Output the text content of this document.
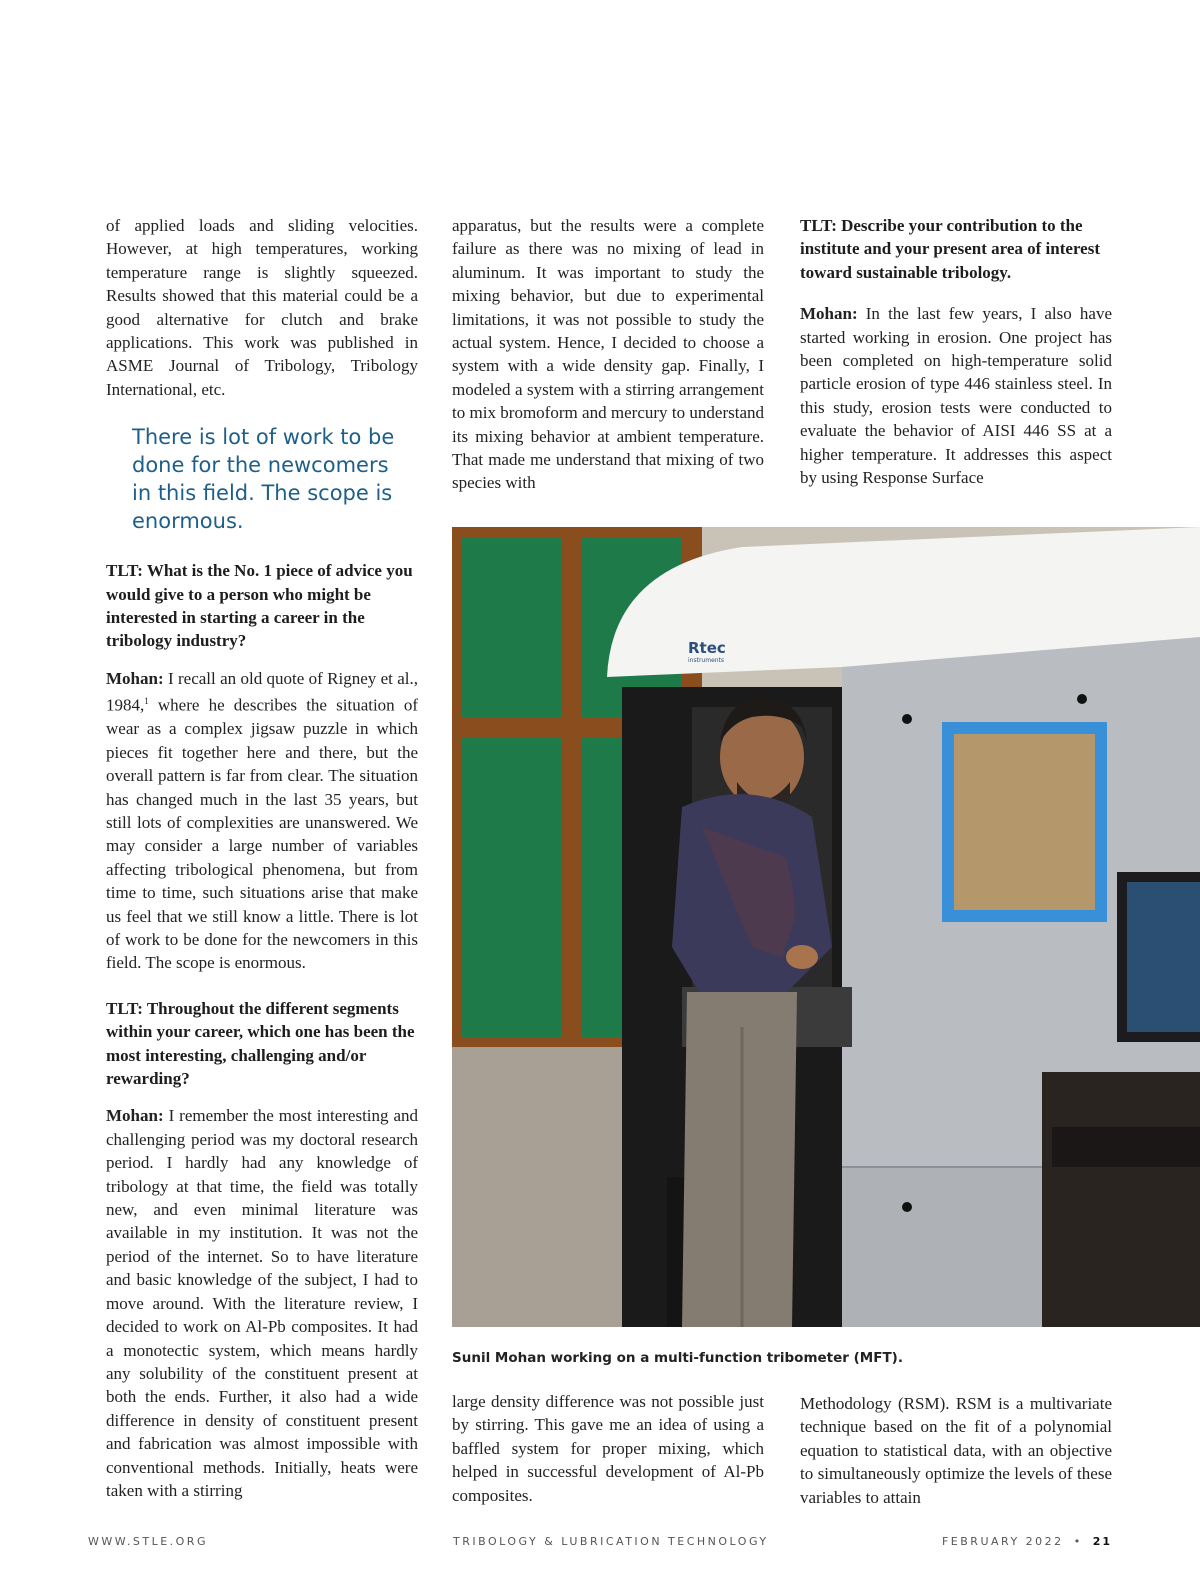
of applied loads and sliding velocities. However, at high temperatures, working temperature range is slightly squeezed. Results showed that this material could be a good alternative for clutch and brake applications. This work was published in ASME Journal of Tribology, Tribology International, etc.

There is lot of work to be done for the newcomers in this field. The scope is enormous.

TLT: What is the No. 1 piece of advice you would give to a person who might be interested in starting a career in the tribology industry?

Mohan: I recall an old quote of Rigney et al., 1984,$^1$ where he describes the situation of wear as a complex jigsaw puzzle in which pieces fit together here and there, but the overall pattern is far from clear. The situation has changed much in the last 35 years, but still lots of complexities are unanswered. We may consider a large number of variables affecting tribological phenomena, but from time to time, such situations arise that make us feel that we still know a little. There is lot of work to be done for the newcomers in this field. The scope is enormous.

TLT: Throughout the different segments within your career, which one has been the most interesting, challenging and/or rewarding?

Mohan: I remember the most interesting and challenging period was my doctoral research period. I hardly had any knowledge of tribology at that time, the field was totally new, and even minimal literature was available in my institution. It was not the period of the internet. So to have literature and basic knowledge of the subject, I had to move around. With the literature review, I decided to work on Al-Pb composites. It had a monotectic system, which means hardly any solubility of the constituent present at both the ends. Further, it also had a wide difference in density of constituent present and fabrication was almost impossible with conventional methods. Initially, heats were taken with a stirring

apparatus, but the results were a complete failure as there was no mixing of lead in aluminum. It was important to study the mixing behavior, but due to experimental limitations, it was not possible to study the actual system. Hence, I decided to choose a system with a wide density gap. Finally, I modeled a system with a stirring arrangement to mix bromoform and mercury to understand its mixing behavior at ambient temperature. That made me understand that mixing of two species with

TLT: Describe your contribution to the institute and your present area of interest toward sustainable tribology.

Mohan: In the last few years, I also have started working in erosion. One project has been completed on high-temperature solid particle erosion of type 446 stainless steel. In this study, erosion tests were conducted to evaluate the behavior of AISI 446 SS at a higher temperature. It addresses this aspect by using Response Surface

Rtec
instruments
Sunil Mohan working on a multi-function tribometer (MFT).

large density difference was not possible just by stirring. This gave me an idea of using a baffled system for proper mixing, which helped in successful development of Al-Pb composites.

Methodology (RSM). RSM is a multivariate technique based on the fit of a polynomial equation to statistical data, with an objective to simultaneously optimize the levels of these variables to attain

WWW.STLE.ORG	TRIBOLOGY & LUBRICATION TECHNOLOGY	FEBRUARY 2022 • 21
